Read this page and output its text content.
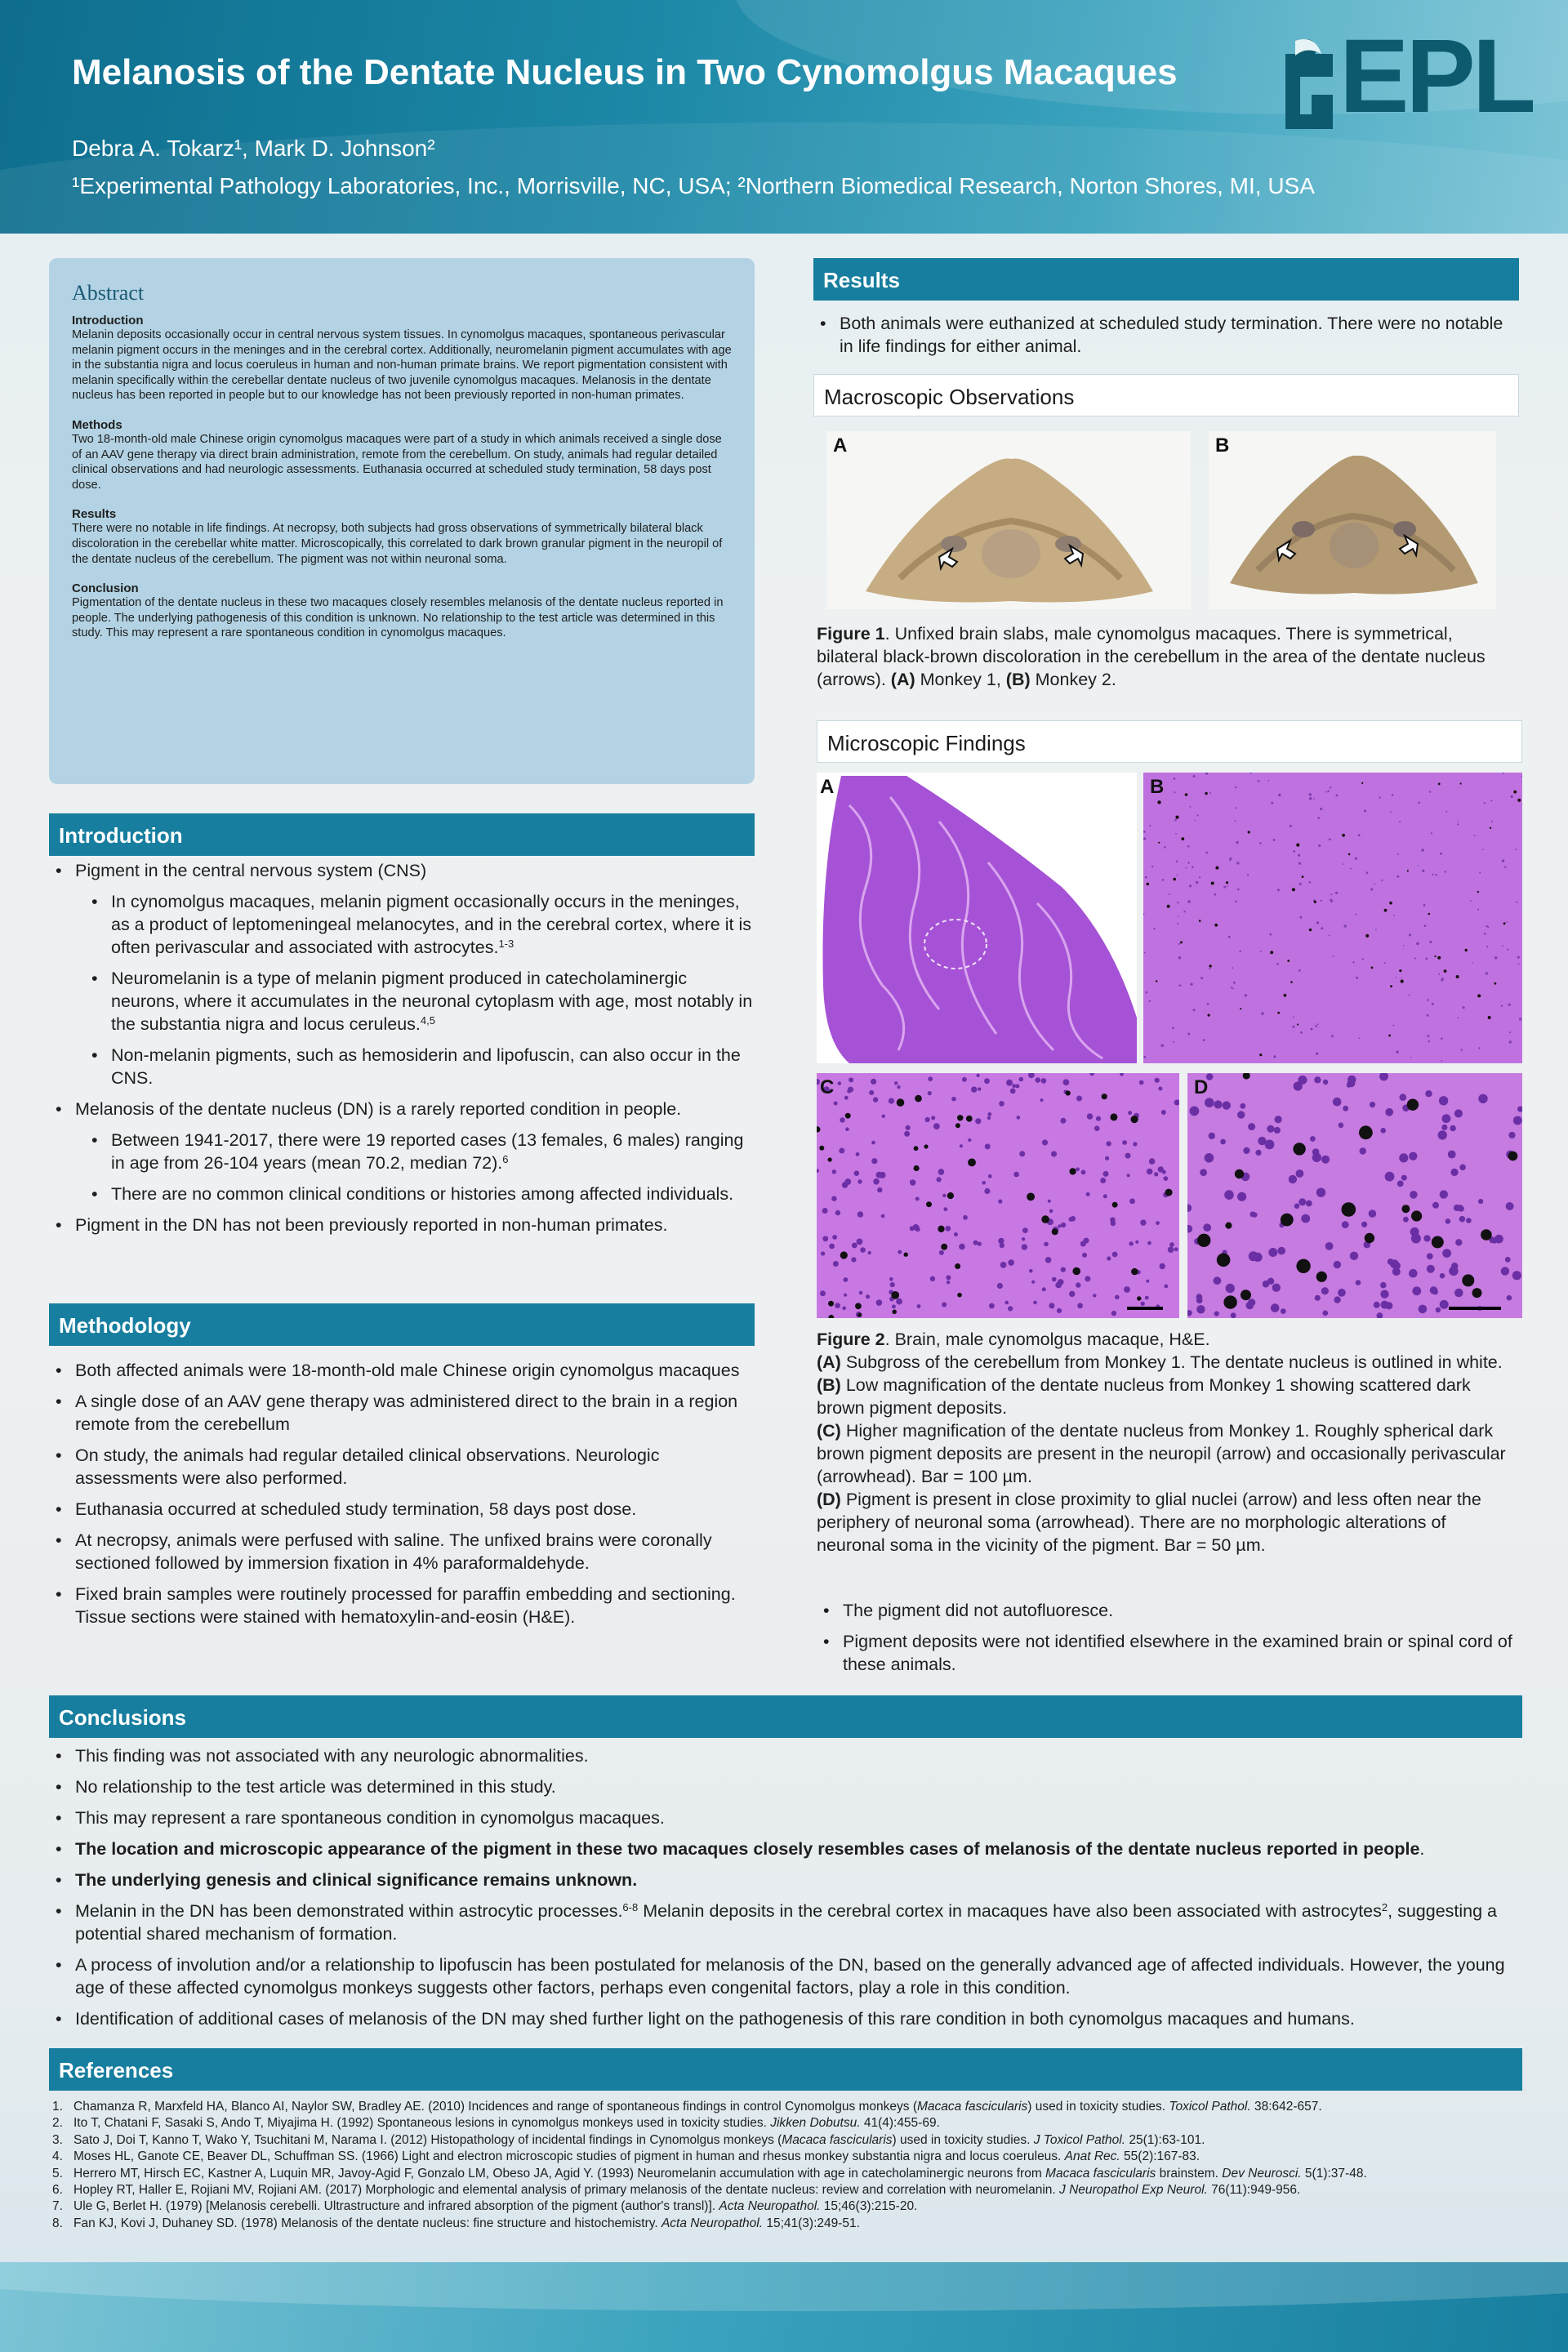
Melanosis of the Dentate Nucleus in Two Cynomolgus Macaques
Debra A. Tokarz¹, Mark D. Johnson²
¹Experimental Pathology Laboratories, Inc., Morrisville, NC, USA; ²Northern Biomedical Research, Norton Shores, MI, USA
EPL
Abstract
Introduction

Melanin deposits occasionally occur in central nervous system tissues. In cynomolgus macaques, spontaneous perivascular melanin pigment occurs in the meninges and in the cerebral cortex. Additionally, neuromelanin pigment accumulates with age in the substantia nigra and locus coeruleus in human and non-human primate brains. We report pigmentation consistent with melanin specifically within the cerebellar dentate nucleus of two juvenile cynomolgus macaques. Melanosis in the dentate nucleus has been reported in people but to our knowledge has not been previously reported in non-human primates.

Methods

Two 18-month-old male Chinese origin cynomolgus macaques were part of a study in which animals received a single dose of an AAV gene therapy via direct brain administration, remote from the cerebellum. On study, animals had regular detailed clinical observations and had neurologic assessments. Euthanasia occurred at scheduled study termination, 58 days post dose.

Results

There were no notable in life findings. At necropsy, both subjects had gross observations of symmetrically bilateral black discoloration in the cerebellar white matter. Microscopically, this correlated to dark brown granular pigment in the neuropil of the dentate nucleus of the cerebellum. The pigment was not within neuronal soma.

Conclusion

Pigmentation of the dentate nucleus in these two macaques closely resembles melanosis of the dentate nucleus reported in people. The underlying pathogenesis of this condition is unknown. No relationship to the test article was determined in this study. This may represent a rare spontaneous condition in cynomolgus macaques.

Introduction
• Pigment in the central nervous system (CNS)
• In cynomolgus macaques, melanin pigment occasionally occurs in the meninges, as a product of leptomeningeal melanocytes, and in the cerebral cortex, where it is often perivascular and associated with astrocytes.$^{1-3}$
• Neuromelanin is a type of melanin pigment produced in catecholaminergic neurons, where it accumulates in the neuronal cytoplasm with age, most notably in the substantia nigra and locus ceruleus.$^{4,5}$
• Non-melanin pigments, such as hemosiderin and lipofuscin, can also occur in the CNS.
• Melanosis of the dentate nucleus (DN) is a rarely reported condition in people.
• Between 1941-2017, there were 19 reported cases (13 females, 6 males) ranging in age from 26-104 years (mean 70.2, median 72).$^6$
• There are no common clinical conditions or histories among affected individuals.
• Pigment in the DN has not been previously reported in non-human primates.
Methodology
• Both affected animals were 18-month-old male Chinese origin cynomolgus macaques
• A single dose of an AAV gene therapy was administered direct to the brain in a region remote from the cerebellum
• On study, the animals had regular detailed clinical observations. Neurologic assessments were also performed.
• Euthanasia occurred at scheduled study termination, 58 days post dose.
• At necropsy, animals were perfused with saline. The unfixed brains were coronally sectioned followed by immersion fixation in 4% paraformaldehyde.
• Fixed brain samples were routinely processed for paraffin embedding and sectioning. Tissue sections were stained with hematoxylin-and-eosin (H&E).
Results
• Both animals were euthanized at scheduled study termination. There were no notable in life findings for either animal.
Macroscopic Observations
A	B
Figure 1. Unfixed brain slabs, male cynomolgus macaques. There is symmetrical, bilateral black-brown discoloration in the cerebellum in the area of the dentate nucleus (arrows). (A) Monkey 1, (B) Monkey 2.
Microscopic Findings
A	B
C	D
Figure 2. Brain, male cynomolgus macaque, H&E.
(A) Subgross of the cerebellum from Monkey 1. The dentate nucleus is outlined in white.
(B) Low magnification of the dentate nucleus from Monkey 1 showing scattered dark brown pigment deposits.
(C) Higher magnification of the dentate nucleus from Monkey 1. Roughly spherical dark brown pigment deposits are present in the neuropil (arrow) and occasionally perivascular (arrowhead). Bar = 100 µm.
(D) Pigment is present in close proximity to glial nuclei (arrow) and less often near the periphery of neuronal soma (arrowhead). There are no morphologic alterations of neuronal soma in the vicinity of the pigment. Bar = 50 µm.
• The pigment did not autofluoresce.
• Pigment deposits were not identified elsewhere in the examined brain or spinal cord of these animals.
Conclusions
• This finding was not associated with any neurologic abnormalities.
• No relationship to the test article was determined in this study.
• This may represent a rare spontaneous condition in cynomolgus macaques.
• The location and microscopic appearance of the pigment in these two macaques closely resembles cases of melanosis of the dentate nucleus reported in people.
• The underlying genesis and clinical significance remains unknown.
• Melanin in the DN has been demonstrated within astrocytic processes.$^{6-8}$ Melanin deposits in the cerebral cortex in macaques have also been associated with astrocytes$^2$, suggesting a potential shared mechanism of formation.
• A process of involution and/or a relationship to lipofuscin has been postulated for melanosis of the DN, based on the generally advanced age of affected individuals. However, the young age of these affected cynomolgus monkeys suggests other factors, perhaps even congenital factors, play a role in this condition.
• Identification of additional cases of melanosis of the DN may shed further light on the pathogenesis of this rare condition in both cynomolgus macaques and humans.
References
1. Chamanza R, Marxfeld HA, Blanco AI, Naylor SW, Bradley AE. (2010) Incidences and range of spontaneous findings in control Cynomolgus monkeys (Macaca fascicularis) used in toxicity studies. Toxicol Pathol. 38:642-657.
2. Ito T, Chatani F, Sasaki S, Ando T, Miyajima H. (1992) Spontaneous lesions in cynomolgus monkeys used in toxicity studies. Jikken Dobutsu. 41(4):455-69.
3. Sato J, Doi T, Kanno T, Wako Y, Tsuchitani M, Narama I. (2012) Histopathology of incidental findings in Cynomolgus monkeys (Macaca fascicularis) used in toxicity studies. J Toxicol Pathol. 25(1):63-101.
4. Moses HL, Ganote CE, Beaver DL, Schuffman SS. (1966) Light and electron microscopic studies of pigment in human and rhesus monkey substantia nigra and locus coeruleus. Anat Rec. 55(2):167-83.
5. Herrero MT, Hirsch EC, Kastner A, Luquin MR, Javoy-Agid F, Gonzalo LM, Obeso JA, Agid Y. (1993) Neuromelanin accumulation with age in catecholaminergic neurons from Macaca fascicularis brainstem. Dev Neurosci. 5(1):37-48.
6. Hopley RT, Haller E, Rojiani MV, Rojiani AM. (2017) Morphologic and elemental analysis of primary melanosis of the dentate nucleus: review and correlation with neuromelanin. J Neuropathol Exp Neurol. 76(11):949-956.
7. Ule G, Berlet H. (1979) [Melanosis cerebelli. Ultrastructure and infrared absorption of the pigment (author's transl)]. Acta Neuropathol. 15;46(3):215-20.
8. Fan KJ, Kovi J, Duhaney SD. (1978) Melanosis of the dentate nucleus: fine structure and histochemistry. Acta Neuropathol. 15;41(3):249-51.
